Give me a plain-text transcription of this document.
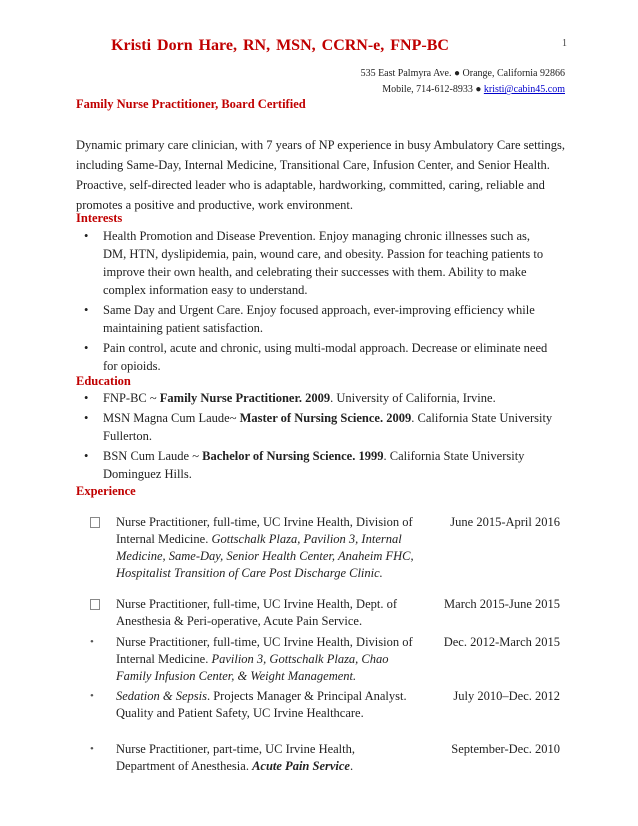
Kristi Dorn Hare, RN, MSN, CCRN-e, FNP-BC	1
535 East Palmyra Ave. ● Orange, California 92866
Mobile, 714-612-8933 ● kristi@cabin45.com
Family Nurse Practitioner, Board Certified
Dynamic primary care clinician, with 7 years of NP experience in busy Ambulatory Care settings, including Same-Day, Internal Medicine, Transitional Care, Infusion Center, and Senior Health. Proactive, self-directed leader who is adaptable, hardworking, committed, caring, reliable and promotes a positive and productive, work environment.
Interests
• Health Promotion and Disease Prevention. Enjoy managing chronic illnesses such as, DM, HTN, dyslipidemia, pain, wound care, and obesity. Passion for teaching patients to improve their own health, and celebrating their successes with them. Ability to make complex information easy to understand.
• Same Day and Urgent Care. Enjoy focused approach, ever-improving efficiency while maintaining patient satisfaction.
• Pain control, acute and chronic, using multi-modal approach. Decrease or eliminate need for opioids.
Education
• FNP-BC ~ Family Nurse Practitioner. 2009. University of California, Irvine.
• MSN Magna Cum Laude~ Master of Nursing Science. 2009. California State University Fullerton.
• BSN Cum Laude ~ Bachelor of Nursing Science. 1999. California State University Dominguez Hills.
Experience
Nurse Practitioner, full-time, UC Irvine Health, Division of Internal Medicine. Gottschalk Plaza, Pavilion 3, Internal Medicine, Same-Day, Senior Health Center, Anaheim FHC, Hospitalist Transition of Care Post Discharge Clinic.
June 2015-April 2016
Nurse Practitioner, full-time, UC Irvine Health, Dept. of Anesthesia & Peri-operative, Acute Pain Service.
March 2015-June 2015
•	Nurse Practitioner, full-time, UC Irvine Health, Division of Internal Medicine. Pavilion 3, Gottschalk Plaza, Chao Family Infusion Center, & Weight Management.
Dec. 2012-March 2015
•	Sedation & Sepsis. Projects Manager & Principal Analyst. Quality and Patient Safety, UC Irvine Healthcare.
July 2010–Dec. 2012
•	Nurse Practitioner, part-time, UC Irvine Health, Department of Anesthesia. Acute Pain Service.
September-Dec. 2010
